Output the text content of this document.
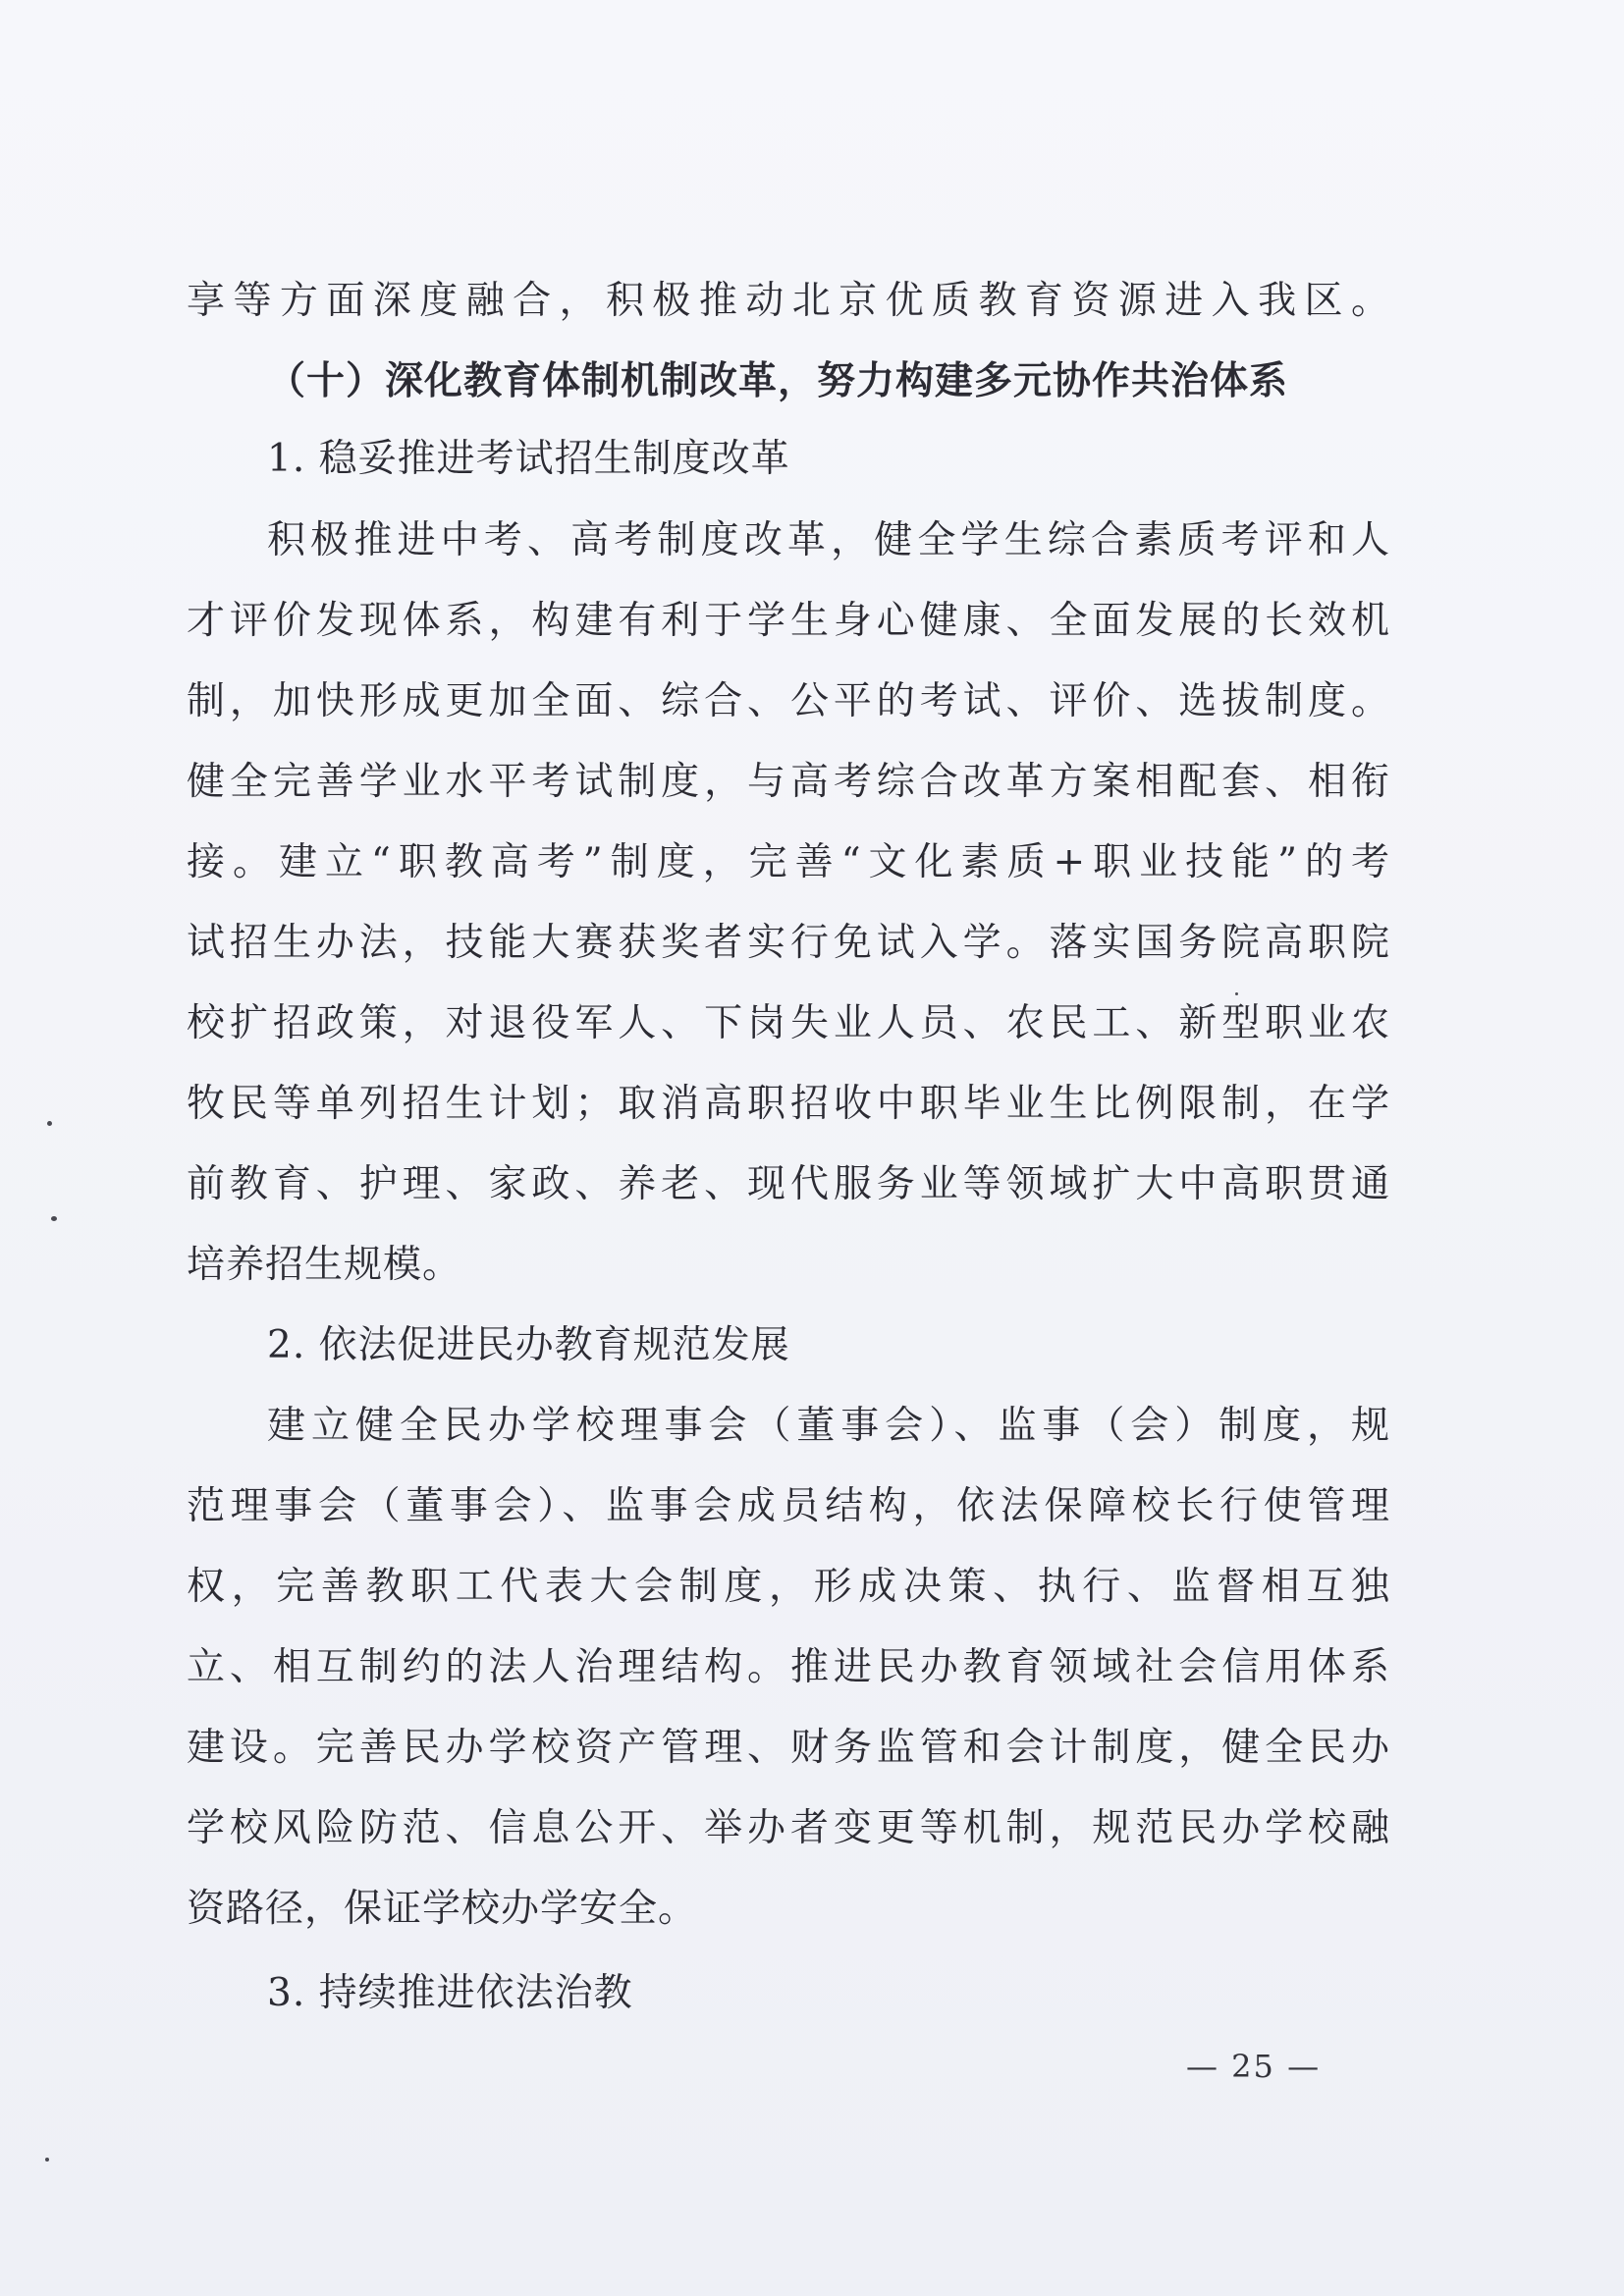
享等方面深度融合，积极推动北京优质教育资源进入我区。
（十）深化教育体制机制改革，努力构建多元协作共治体系
1. 稳妥推进考试招生制度改革
积极推进中考、高考制度改革，健全学生综合素质考评和人
才评价发现体系，构建有利于学生身心健康、全面发展的长效机
制，加快形成更加全面、综合、公平的考试、评价、选拔制度。
健全完善学业水平考试制度，与高考综合改革方案相配套、相衔
接。建立“职教高考”制度，完善“文化素质+职业技能”的考
试招生办法，技能大赛获奖者实行免试入学。落实国务院高职院
校扩招政策，对退役军人、下岗失业人员、农民工、新型职业农
牧民等单列招生计划；取消高职招收中职毕业生比例限制，在学
前教育、护理、家政、养老、现代服务业等领域扩大中高职贯通
培养招生规模。
2. 依法促进民办教育规范发展
建立健全民办学校理事会（董事会）、监事（会）制度，规
范理事会（董事会）、监事会成员结构，依法保障校长行使管理
权，完善教职工代表大会制度，形成决策、执行、监督相互独
立、相互制约的法人治理结构。推进民办教育领域社会信用体系
建设。完善民办学校资产管理、财务监管和会计制度，健全民办
学校风险防范、信息公开、举办者变更等机制，规范民办学校融
资路径，保证学校办学安全。
3. 持续推进依法治教
— 25 —
